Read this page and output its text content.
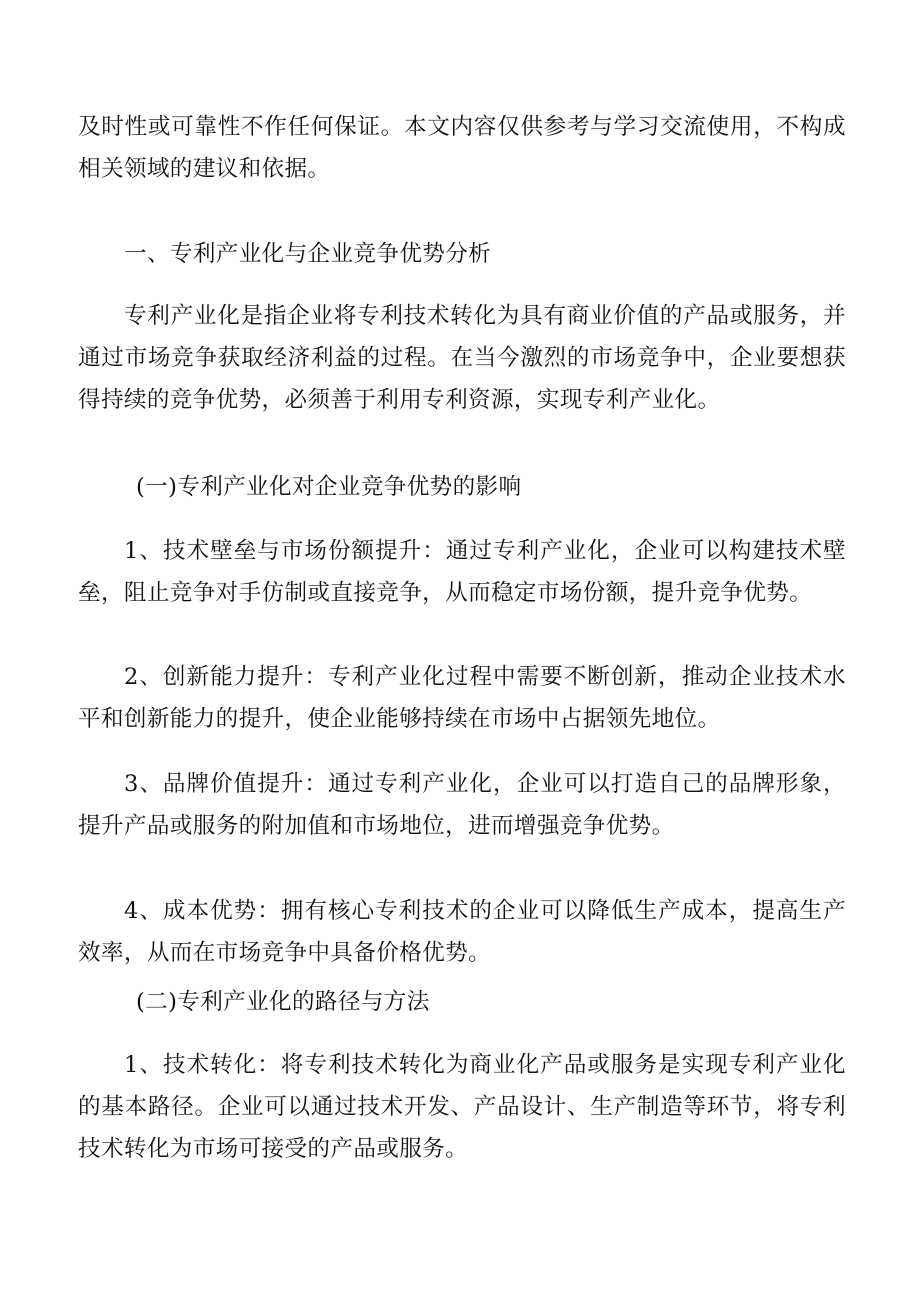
及时性或可靠性不作任何保证。本文内容仅供参考与学习交流使用，不构成相关领域的建议和依据。

一、专利产业化与企业竞争优势分析

专利产业化是指企业将专利技术转化为具有商业价值的产品或服务，并通过市场竞争获取经济利益的过程。在当今激烈的市场竞争中，企业要想获得持续的竞争优势，必须善于利用专利资源，实现专利产业化。

(一)专利产业化对企业竞争优势的影响

1、技术壁垒与市场份额提升：通过专利产业化，企业可以构建技术壁垒，阻止竞争对手仿制或直接竞争，从而稳定市场份额，提升竞争优势。

2、创新能力提升：专利产业化过程中需要不断创新，推动企业技术水平和创新能力的提升，使企业能够持续在市场中占据领先地位。

3、品牌价值提升：通过专利产业化，企业可以打造自己的品牌形象，提升产品或服务的附加值和市场地位，进而增强竞争优势。

4、成本优势：拥有核心专利技术的企业可以降低生产成本，提高生产效率，从而在市场竞争中具备价格优势。

(二)专利产业化的路径与方法

1、技术转化：将专利技术转化为商业化产品或服务是实现专利产业化的基本路径。企业可以通过技术开发、产品设计、生产制造等环节，将专利技术转化为市场可接受的产品或服务。
